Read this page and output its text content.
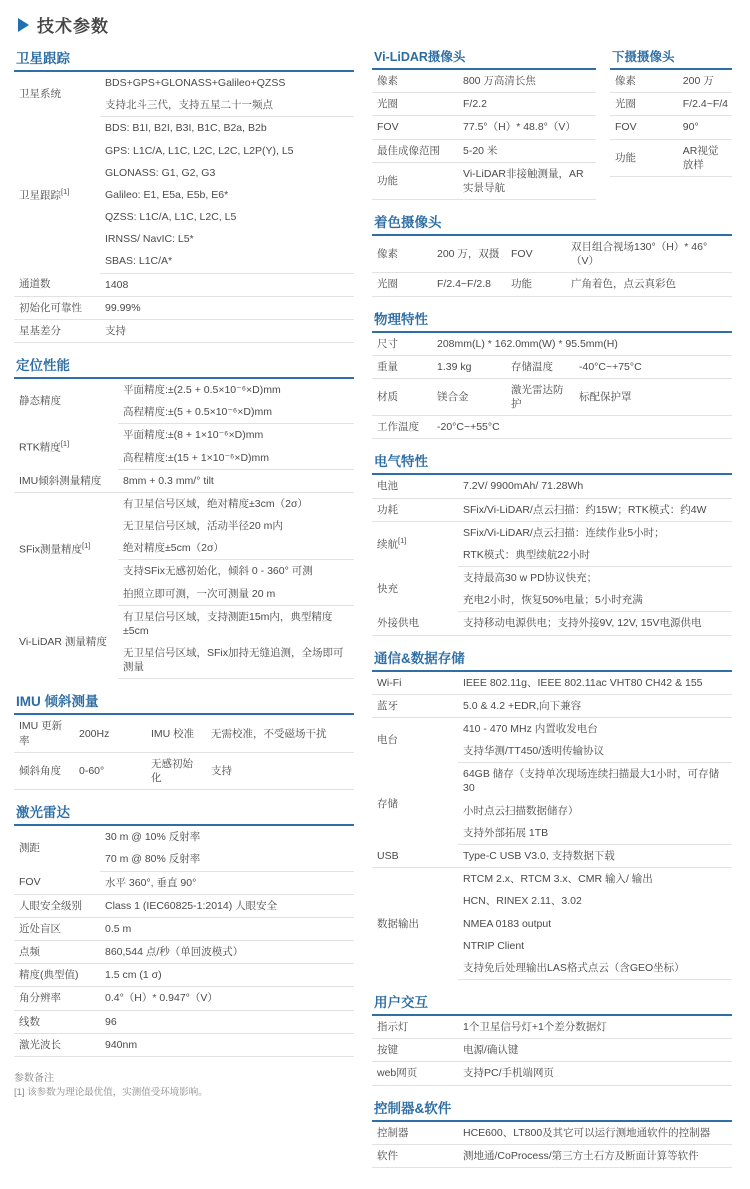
技术参数
卫星跟踪
卫星系统	BDS+GPS+GLONASS+Galileo+QZSS
	支持北斗三代，支持五星二十一频点
卫星跟踪[1]	BDS: B1I, B2I, B3I, B1C, B2a, B2b
	GPS: L1C/A, L1C, L2C, L2C, L2P(Y), L5
	GLONASS: G1, G2, G3
	Galileo: E1, E5a, E5b, E6*
	QZSS: L1C/A, L1C, L2C, L5
	IRNSS/ NavIC: L5*
	SBAS: L1C/A*
通道数	1408
初始化可靠性	99.99%
星基差分	支持
定位性能
静态精度	平面精度:±(2.5 + 0.5×10⁻⁶×D)mm
	高程精度:±(5 + 0.5×10⁻⁶×D)mm
RTK精度[1]	平面精度:±(8 + 1×10⁻⁶×D)mm
	高程精度:±(15 + 1×10⁻⁶×D)mm
IMU倾斜测量精度	8mm + 0.3 mm/° tilt
SFix测量精度[1]	有卫星信号区域，绝对精度±3cm（2σ）
	无卫星信号区域，活动半径20 m内
	绝对精度±5cm（2σ）
	支持SFix无感初始化，倾斜 0 - 360° 可测
	拍照立即可测，一次可测量 20 m
Vi-LiDAR 测量精度	有卫星信号区域，支持测距15m内，典型精度±5cm
	无卫星信号区域，SFix加持无缝追测，全场即可测量
IMU 倾斜测量
IMU 更新率	200Hz	IMU 校准	无需校准，不受磁场干扰
倾斜角度	0-60°	无感初始化	支持
激光雷达
测距	30 m @ 10% 反射率
	70 m @ 80% 反射率
FOV	水平 360°, 垂直 90°
人眼安全级别	Class 1 (IEC60825-1:2014) 人眼安全
近处盲区	0.5 m
点频	860,544 点/秒（单回波模式）
精度(典型值)	1.5 cm (1 σ)
角分辨率	0.4°（H）* 0.947°（V）
线数	96
激光波长	940nm
参数备注
[1] 该参数为理论最优值，实测值受环境影响。
Vi-LiDAR摄像头
像素	800 万高清长焦
光圈	F/2.2
FOV	77.5°（H）* 48.8°（V）
最佳成像范围	5-20 米
功能	Vi-LiDAR非接触测量，AR实景导航
下摄摄像头
像素	200 万
光圈	F/2.4~F/4
FOV	90°
功能	AR视觉放样
着色摄像头
像素	200 万，双摄	FOV	双目组合视场130°（H）* 46°（V）
光圈	F/2.4~F/2.8	功能	广角着色，点云真彩色
物理特性
尺寸	208mm(L) * 162.0mm(W) * 95.5mm(H)		
重量	1.39 kg	存储温度	-40°C~+75°C
材质	镁合金	激光雷达防护	标配保护罩
工作温度	-20°C~+55°C		
电气特性
电池	7.2V/ 9900mAh/ 71.28Wh
功耗	SFix/Vi-LiDAR/点云扫描：约15W；RTK模式：约4W
续航[1]	SFix/Vi-LiDAR/点云扫描：连续作业5小时；
	RTK模式：典型续航22小时
快充	支持最高30 w PD协议快充；
	充电2小时，恢复50%电量；5小时充满
外接供电	支持移动电源供电；支持外接9V, 12V, 15V电源供电
通信&数据存储
Wi-Fi	IEEE 802.11g、IEEE 802.11ac VHT80 CH42 & 155
蓝牙	5.0 & 4.2 +EDR,向下兼容
电台	410 - 470 MHz 内置收发电台
	支持华测/TT450/透明传输协议
存储	64GB 储存（支持单次现场连续扫描最大1小时，可存储30
	小时点云扫描数据储存）
	支持外部拓展 1TB
USB	Type-C USB V3.0, 支持数据下载
数据输出	RTCM 2.x、RTCM 3.x、CMR 输入/ 输出
	HCN、RINEX 2.11、3.02
	NMEA 0183 output
	NTRIP Client
	支持免后处理输出LAS格式点云（含GEO坐标）
用户交互
指示灯	1个卫星信号灯+1个差分数据灯
按键	电源/确认键
web网页	支持PC/手机端网页
控制器&软件
控制器	HCE600、LT800及其它可以运行测地通软件的控制器
软件	测地通/CoProcess/第三方土石方及断面计算等软件
